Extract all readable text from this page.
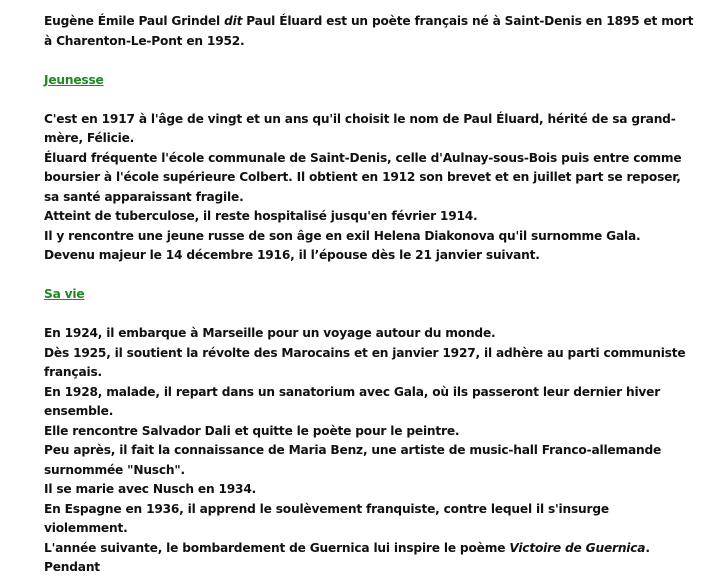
Eugène Émile Paul Grindel dit Paul Éluard est un poète français né à Saint-Denis en 1895 et mort à Charenton-Le-Pont en 1952.

Jeunesse

C'est en 1917 à l'âge de vingt et un ans qu'il choisit le nom de Paul Éluard, hérité de sa grand-mère, Félicie.

Éluard fréquente l'école communale de Saint-Denis, celle d'Aulnay-sous-Bois puis entre comme boursier à l'école supérieure Colbert. Il obtient en 1912 son brevet et en juillet part se reposer, sa santé apparaissant fragile.

Atteint de tuberculose, il reste hospitalisé jusqu'en février 1914.

Il y rencontre une jeune russe de son âge en exil Helena Diakonova qu'il surnomme Gala.

Devenu majeur le 14 décembre 1916, il l’épouse dès le 21 janvier suivant.

Sa vie

En 1924, il embarque à Marseille pour un voyage autour du monde.

Dès 1925, il soutient la révolte des Marocains et en janvier 1927, il adhère au parti communiste français.

En 1928, malade, il repart dans un sanatorium avec Gala, où ils passeront leur dernier hiver ensemble.

Elle rencontre Salvador Dali et quitte le poète pour le peintre.

Peu après, il fait la connaissance de Maria Benz, une artiste de music-hall Franco-allemande surnommée "Nusch".

Il se marie avec Nusch en 1934.

En Espagne en 1936, il apprend le soulèvement franquiste, contre lequel il s'insurge violemment.

L'année suivante, le bombardement de Guernica lui inspire le poème Victoire de Guernica. Pendant
